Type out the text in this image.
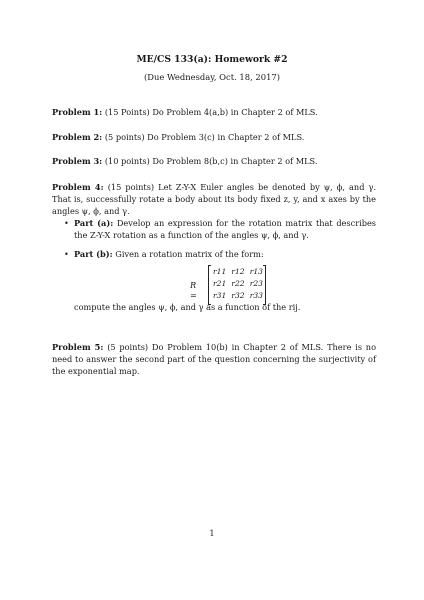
ME/CS 133(a): Homework #2
(Due Wednesday, Oct. 18, 2017)
Problem 1: (15 Points) Do Problem 4(a,b) in Chapter 2 of MLS.
Problem 2: (5 points) Do Problem 3(c) in Chapter 2 of MLS.
Problem 3: (10 points) Do Problem 8(b,c) in Chapter 2 of MLS.
Problem 4: (15 points) Let Z-Y-X Euler angles be denoted by ψ, ϕ, and γ. That is, successfully rotate a body about its body fixed z, y, and x axes by the angles ψ, ϕ, and γ.
• Part (a): Develop an expression for the rotation matrix that describes the Z-Y-X rotation as a function of the angles ψ, ϕ, and γ.
• Part (b): Given a rotation matrix of the form:
R =
r11 r12 r13
r21 r22 r23
r31 r32 r33
compute the angles ψ, ϕ, and γ as a function of the rij.
Problem 5: (5 points) Do Problem 10(b) in Chapter 2 of MLS. There is no need to answer the second part of the question concerning the surjectivity of the exponential map.
1
